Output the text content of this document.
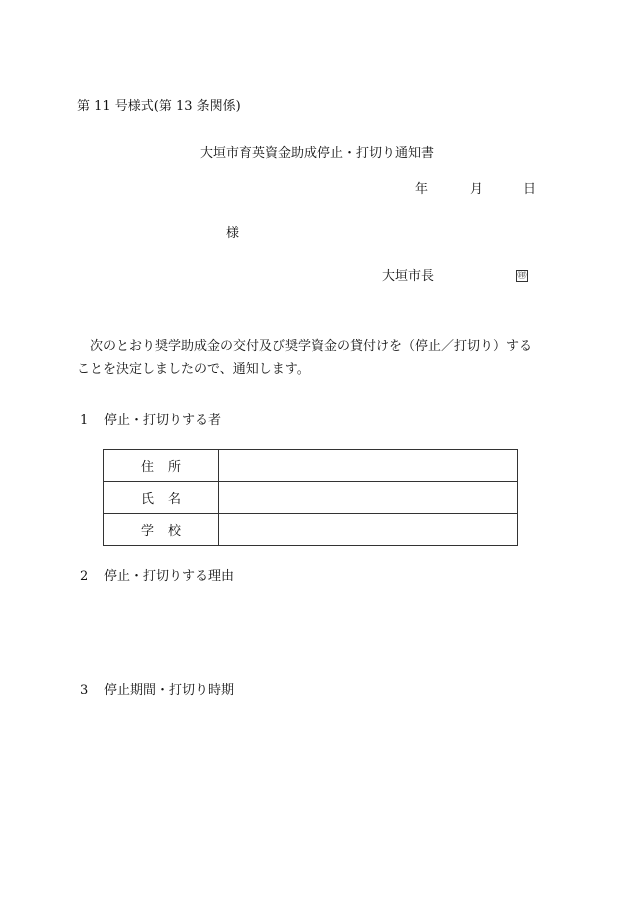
第 11 号様式(第 13 条関係)
大垣市育英資金助成停止・打切り通知書
年	月	日
様
大垣市長	㊞
次のとおり奨学助成金の交付及び奨学資金の貸付けを（停止／打切り）する
ことを決定しましたので、通知します。
1 停止・打切りする者
住所	
氏名	
学校	
2 停止・打切りする理由
3 停止期間・打切り時期
